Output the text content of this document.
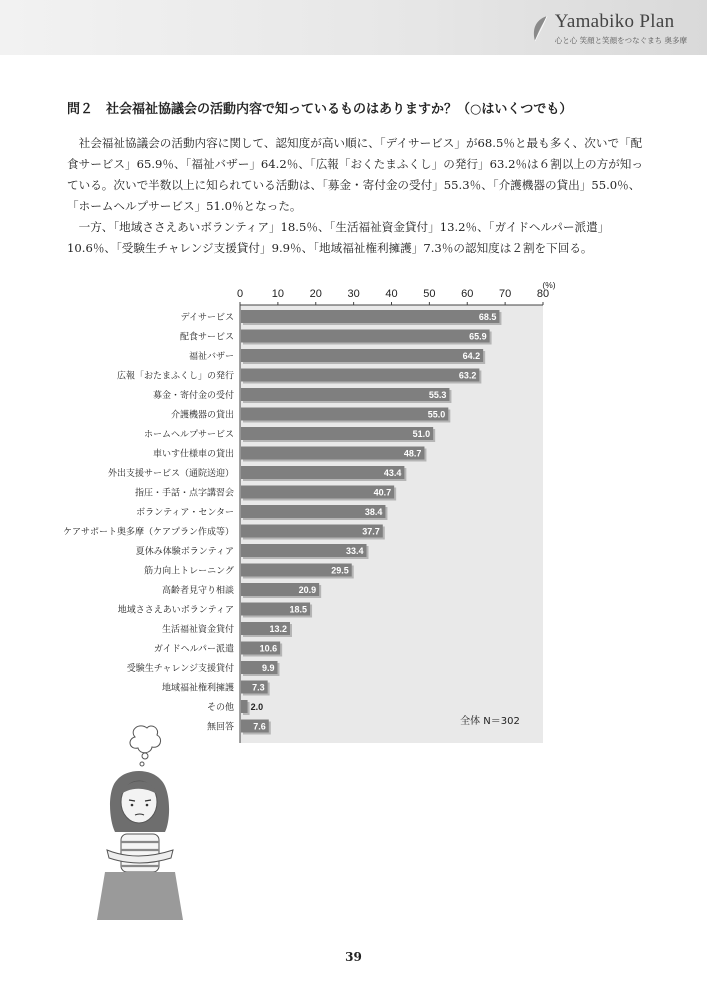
Yamabiko Plan
心と心 笑顔と笑顔をつなぐまち 奥多摩
問２　社会福祉協議会の活動内容で知っているものはありますか？（○はいくつでも）

社会福祉協議会の活動内容に関して、認知度が高い順に、「デイサービス」が68.5％と最も多く、次いで「配食サービス」65.9％、「福祉バザー」64.2％、「広報「おくたまふくし」の発行」63.2％は６割以上の方が知っている。次いで半数以上に知られている活動は、「募金・寄付金の受付」55.3％、「介護機器の貸出」55.0％、「ホームヘルプサービス」51.0％となった。

一方、「地域ささえあいボランティア」18.5％、「生活福祉資金貸付」13.2％、「ガイドヘルパー派遣」10.6％、「受験生チャレンジ支援貸付」9.9％、「地域福祉権利擁護」7.3％の認知度は２割を下回る。

0	10 20 30 40 50 60 70 80
(%)
デイサービス	68.5
配食サービス	65.9
福祉バザー	64.2
広報「おたまふくし」の発行	63.2
募金・寄付金の受付	55.3
介護機器の貸出	55.0
ホームヘルプサービス	51.0
車いす仕様車の貸出	48.7
外出支援サービス（通院送迎）	43.4
指圧・手話・点字講習会	40.7
ボランティア・センター	38.4
ケアサポート奥多摩（ケアプラン作成等）	37.7
夏休み体験ボランティア	33.4
筋力向上トレーニング	29.5
高齢者見守り相談	20.9
地域ささえあいボランティア	18.5
生活福祉資金貸付	13.2
ガイドヘルパー派遣	10.6
受験生チャレンジ支援貸付	9.9
地域福祉権利擁護 7.3
その他 2.0
無回答 7.6	全体 N＝302
39
